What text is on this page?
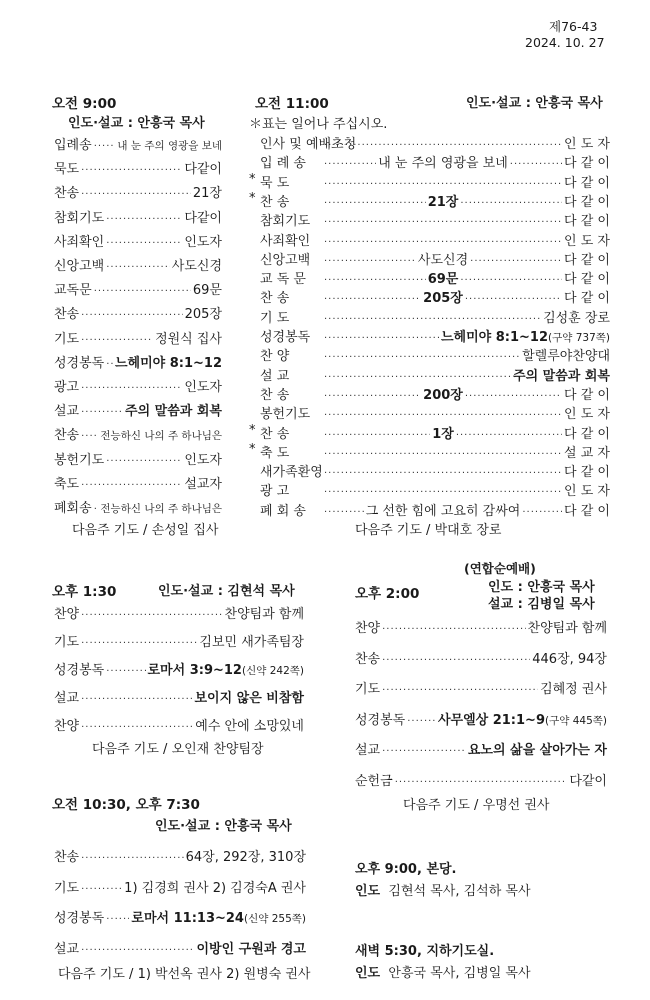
제76-43
2024. 10. 27
오전 9:00
인도·설교 : 안흥국 목사
입례송 ····· 내 눈 주의 영광을 보네
묵도 ·····	다같이
찬송 ·····	21장
참회기도 ·····	다같이
사죄확인 ·····	인도자
신앙고백 ·····	사도신경
교독문 ·····	69문
찬송 ·····	205장
기도 ·····	정원식 집사
성경봉독 ····· 느헤미야 8:1~12
광고 ·····	인도자
설교 ·····	주의 말씀과 회복
찬송 ····· 전능하신 나의 주 하나님은
봉헌기도 ·····	인도자
축도 ·····	설교자
폐회송 ····· 전능하신 나의 주 하나님은
다음주 기도 / 손성일 집사
오전 11:00	인도·설교 : 안흥국 목사
＊표는 일어나 주십시오.
인사 및 예배초청 ·····	인 도 자
입 례 송 ·····	내 눈 주의 영광을 보네 ·····	다 같 이
* 묵 도 ·····	다 같 이
* 찬 송 ·····	21장 ·····	다 같 이
참회기도 ·····	다 같 이
사죄확인 ·····	인 도 자
신앙고백 ·····	사도신경 ·····	다 같 이
교 독 문 ·····	69문 ·····	다 같 이
찬 송 ·····	205장 ·····	다 같 이
기 도 ·····	김성훈 장로
성경봉독 ·····	느헤미야 8:1~12 (구약 737쪽)
찬 양 ·····	할렐루야찬양대
설 교 ·····	주의 말씀과 회복
찬 송 ·····	200장 ·····	다 같 이
봉헌기도 ·····	인 도 자
* 찬 송 ·····	1장 ·····	다 같 이
* 축 도 ·····	설 교 자
새가족환영 ·····	다 같 이
광 고 ·····	인 도 자
폐 회 송 ·····	그 선한 힘에 고요히 감싸여 ·····	다 같 이
다음주 기도 / 박대호 장로
오후 1:30	인도·설교 : 김현석 목사
찬양 ·····	찬양팀과 함께
기도 ·····	김보민 새가족팀장
성경봉독 ·····	로마서 3:9~12 (신약 242쪽)
설교 ·····	보이지 않은 비참함
찬양 ·····	예수 안에 소망있네
다음주 기도 / 오인재 찬양팀장
(연합순예배)
오후 2:00	인도 : 안흥국 목사
설교 : 김병일 목사
찬양 ·····	찬양팀과 함께
찬송 ·····	446장, 94장
기도 ·····	김혜정 권사
성경봉독 ·····	사무엘상 21:1~9 (구약 445쪽)
설교 ·····	요노의 삶을 살아가는 자
순헌금 ·····	다같이
다음주 기도 / 우명선 권사
오전 10:30, 오후 7:30
인도·설교 : 안흥국 목사
찬송 ·····	64장, 292장, 310장
기도 ·····	1) 김경희 권사 2) 김경숙A 권사
성경봉독 ····· 로마서 11:13~24 (신약 255쪽)
설교 ·····	이방인 구원과 경고
다음주 기도 / 1) 박선옥 권사 2) 원병숙 권사
오후 9:00, 본당.
인도 김현석 목사, 김석하 목사
새벽 5:30, 지하기도실.
인도 안흥국 목사, 김병일 목사
